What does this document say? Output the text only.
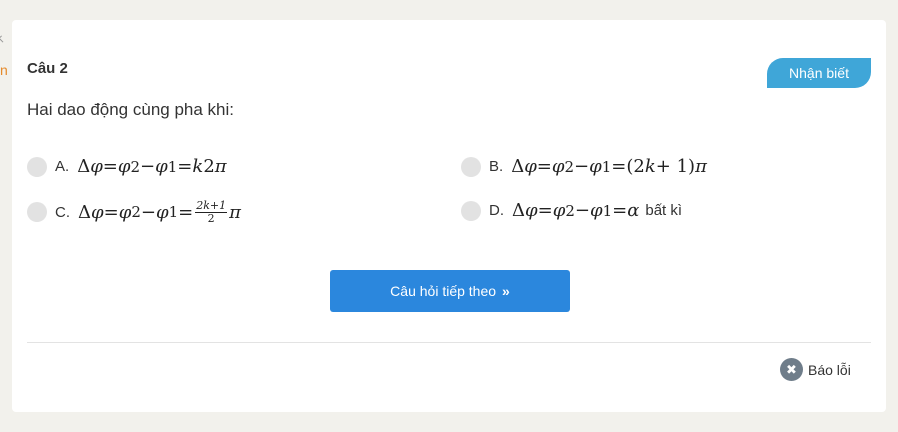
n Câu 2	Nhận biết
Hai dao động cùng pha khi:
A. Δ φ = φ 2 − φ 1 = k 2 π	B. Δ φ = φ 2 − φ 1 = (2 k + 1) π
C. Δ φ = φ 2 − φ $1 = \frac{2k+1}{2}$ π	D. Δ φ = φ 2 − φ 1 = α bất kì
Câu hỏi tiếp theo »
✖ Báo lỗi
